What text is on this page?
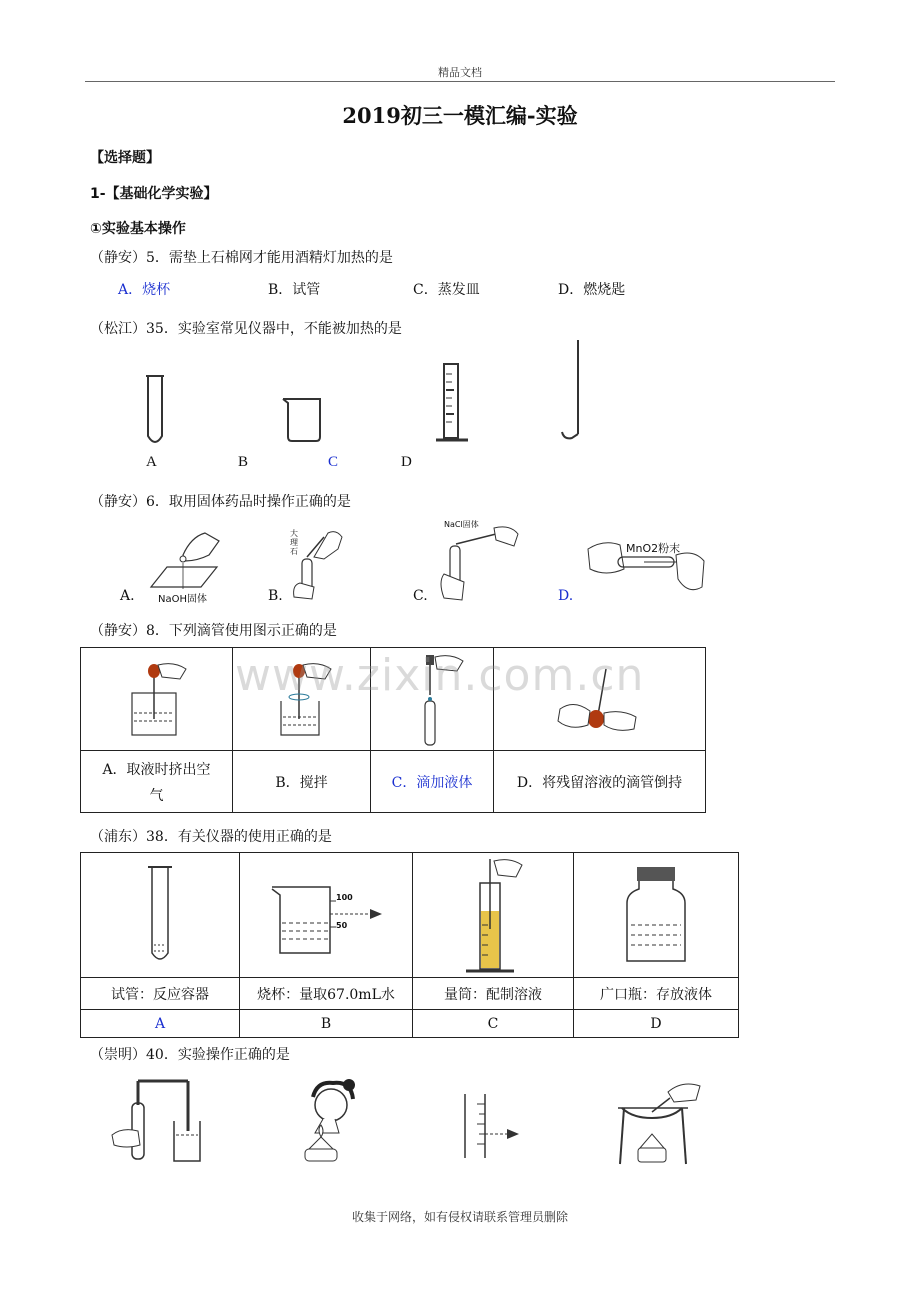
精品文档
2019初三一模汇编-实验
【选择题】
1-【基础化学实验】
①实验基本操作
（静安）5．需垫上石棉网才能用酒精灯加热的是
A．烧杯	B．试管	C．蒸发皿	D．燃烧匙
（松江）35．实验室常见仪器中，不能被加热的是
A	B	C	D
（静安）6．取用固体药品时操作正确的是
A. NaOH固体	B.
大理石
C.
NaCl固体
D.
MnO2粉末
（静安）8．下列滴管使用图示正确的是

A．取液时挤出空
气	B．搅拌	C．滴加液体	D．将残留溶液的滴管倒持
www.zixin.com.cn
（浦东）38．有关仪器的使用正确的是

100
50

试管：反应容器	烧杯：量取67.0mL水	量筒：配制溶液	广口瓶：存放液体
A	B	C	D
（崇明）40．实验操作正确的是
收集于网络，如有侵权请联系管理员删除
